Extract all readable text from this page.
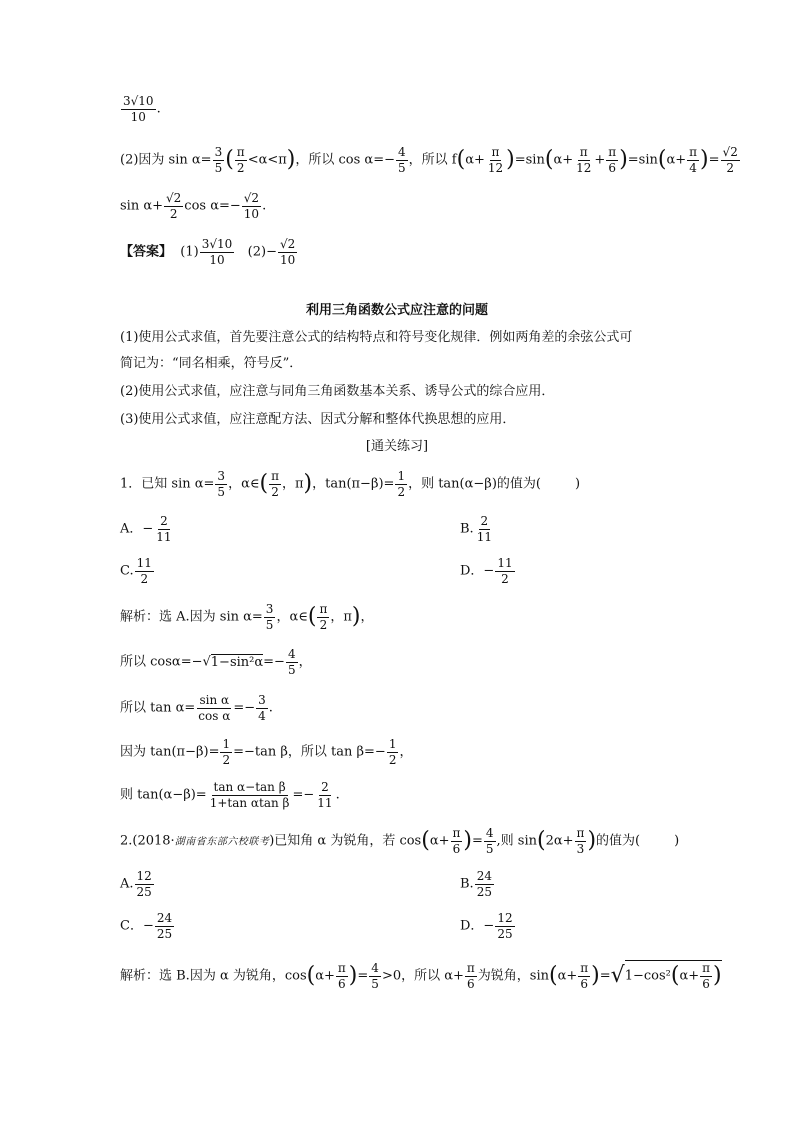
$\frac{3√10}{10}$ .
(2)因为 $\sin \alpha= \frac{3}{5}$ ( $\frac{\pi}{2} <\alpha<\pi$)，所以 $\cos \alpha=- \frac{4}{5}$ ，所以 $f(\alpha+ \frac{\pi}{12} )=\sin(\alpha+ \frac{\pi}{12} + \frac{\pi}{6} )=\sin(\alpha+ \frac{\pi}{4}$ )= $\frac{√2}{2}$
$\sin \alpha+ \frac{√2}{2}$ $\cos \alpha=- \frac{√2}{10}$ .
【答案】 $(1) \frac{3√10}{10} (2)- \frac{√2}{10}$
利用三角函数公式应注意的问题
(1)使用公式求值，首先要注意公式的结构特点和符号变化规律．例如两角差的余弦公式可
简记为：“同名相乘，符号反”．
(2)使用公式求值，应注意与同角三角函数基本关系、诱导公式的综合应用．
(3)使用公式求值，应注意配方法、因式分解和整体代换思想的应用．
[通关练习]
1．已知 $\sin \alpha= \frac{3}{5}$ ，α∈( $\frac{\pi}{2}$ ，π)，$\tan(\pi-\beta)= \frac{1}{2}$ ，则 tan(α−β)的值为(	)
A．− $\frac{2}{11}$	B. $\frac{2}{11}$
C. $\frac{11}{2}$	D．− $\frac{11}{2}$
解析：选 A.因为 $\sin \alpha= \frac{3}{5}$ ，α∈( $\frac{\pi}{2}$ ，π)，
所以 $\cos\alpha=-√1-\sin^2\alpha=- \frac{4}{5}$ ，
所以 $\tan \alpha= \frac{\text{sin α}}{\text{cos α}} =- \frac{3}{4}$ .
因为 $\tan(\pi-\beta)= \frac{1}{2} =-\tan$ β，所以 $\tan \beta=- \frac{1}{2}$ ，
则 $\tan(\alpha-\beta)= \frac{\text{tan α−tan β}}{\text{1+tan αtan β}} =- \frac{2}{11}$ .
2.(2018·湖南省东部六校联考)已知角 α 为锐角，若 $\cos(\alpha+ \frac{\pi}{6}$ )= $\frac{4}{5}$ ,则 $\sin(2\alpha+ \frac{\pi}{3}$ )的值为(	)
A. $\frac{12}{25}$	B. $\frac{24}{25}$
C．− $\frac{24}{25}$	D．− $\frac{12}{25}$
解析：选 B.因为 α 为锐角，$\cos(\alpha+ \frac{\pi}{6}$ )= $\frac{4}{5} >0$，所以 $\alpha+ \frac{\pi}{6}$ 为锐角，$\sin(\alpha+ \frac{\pi}{6} )=√1-\cos^2(\alpha+ \frac{\pi}{6}$ )
